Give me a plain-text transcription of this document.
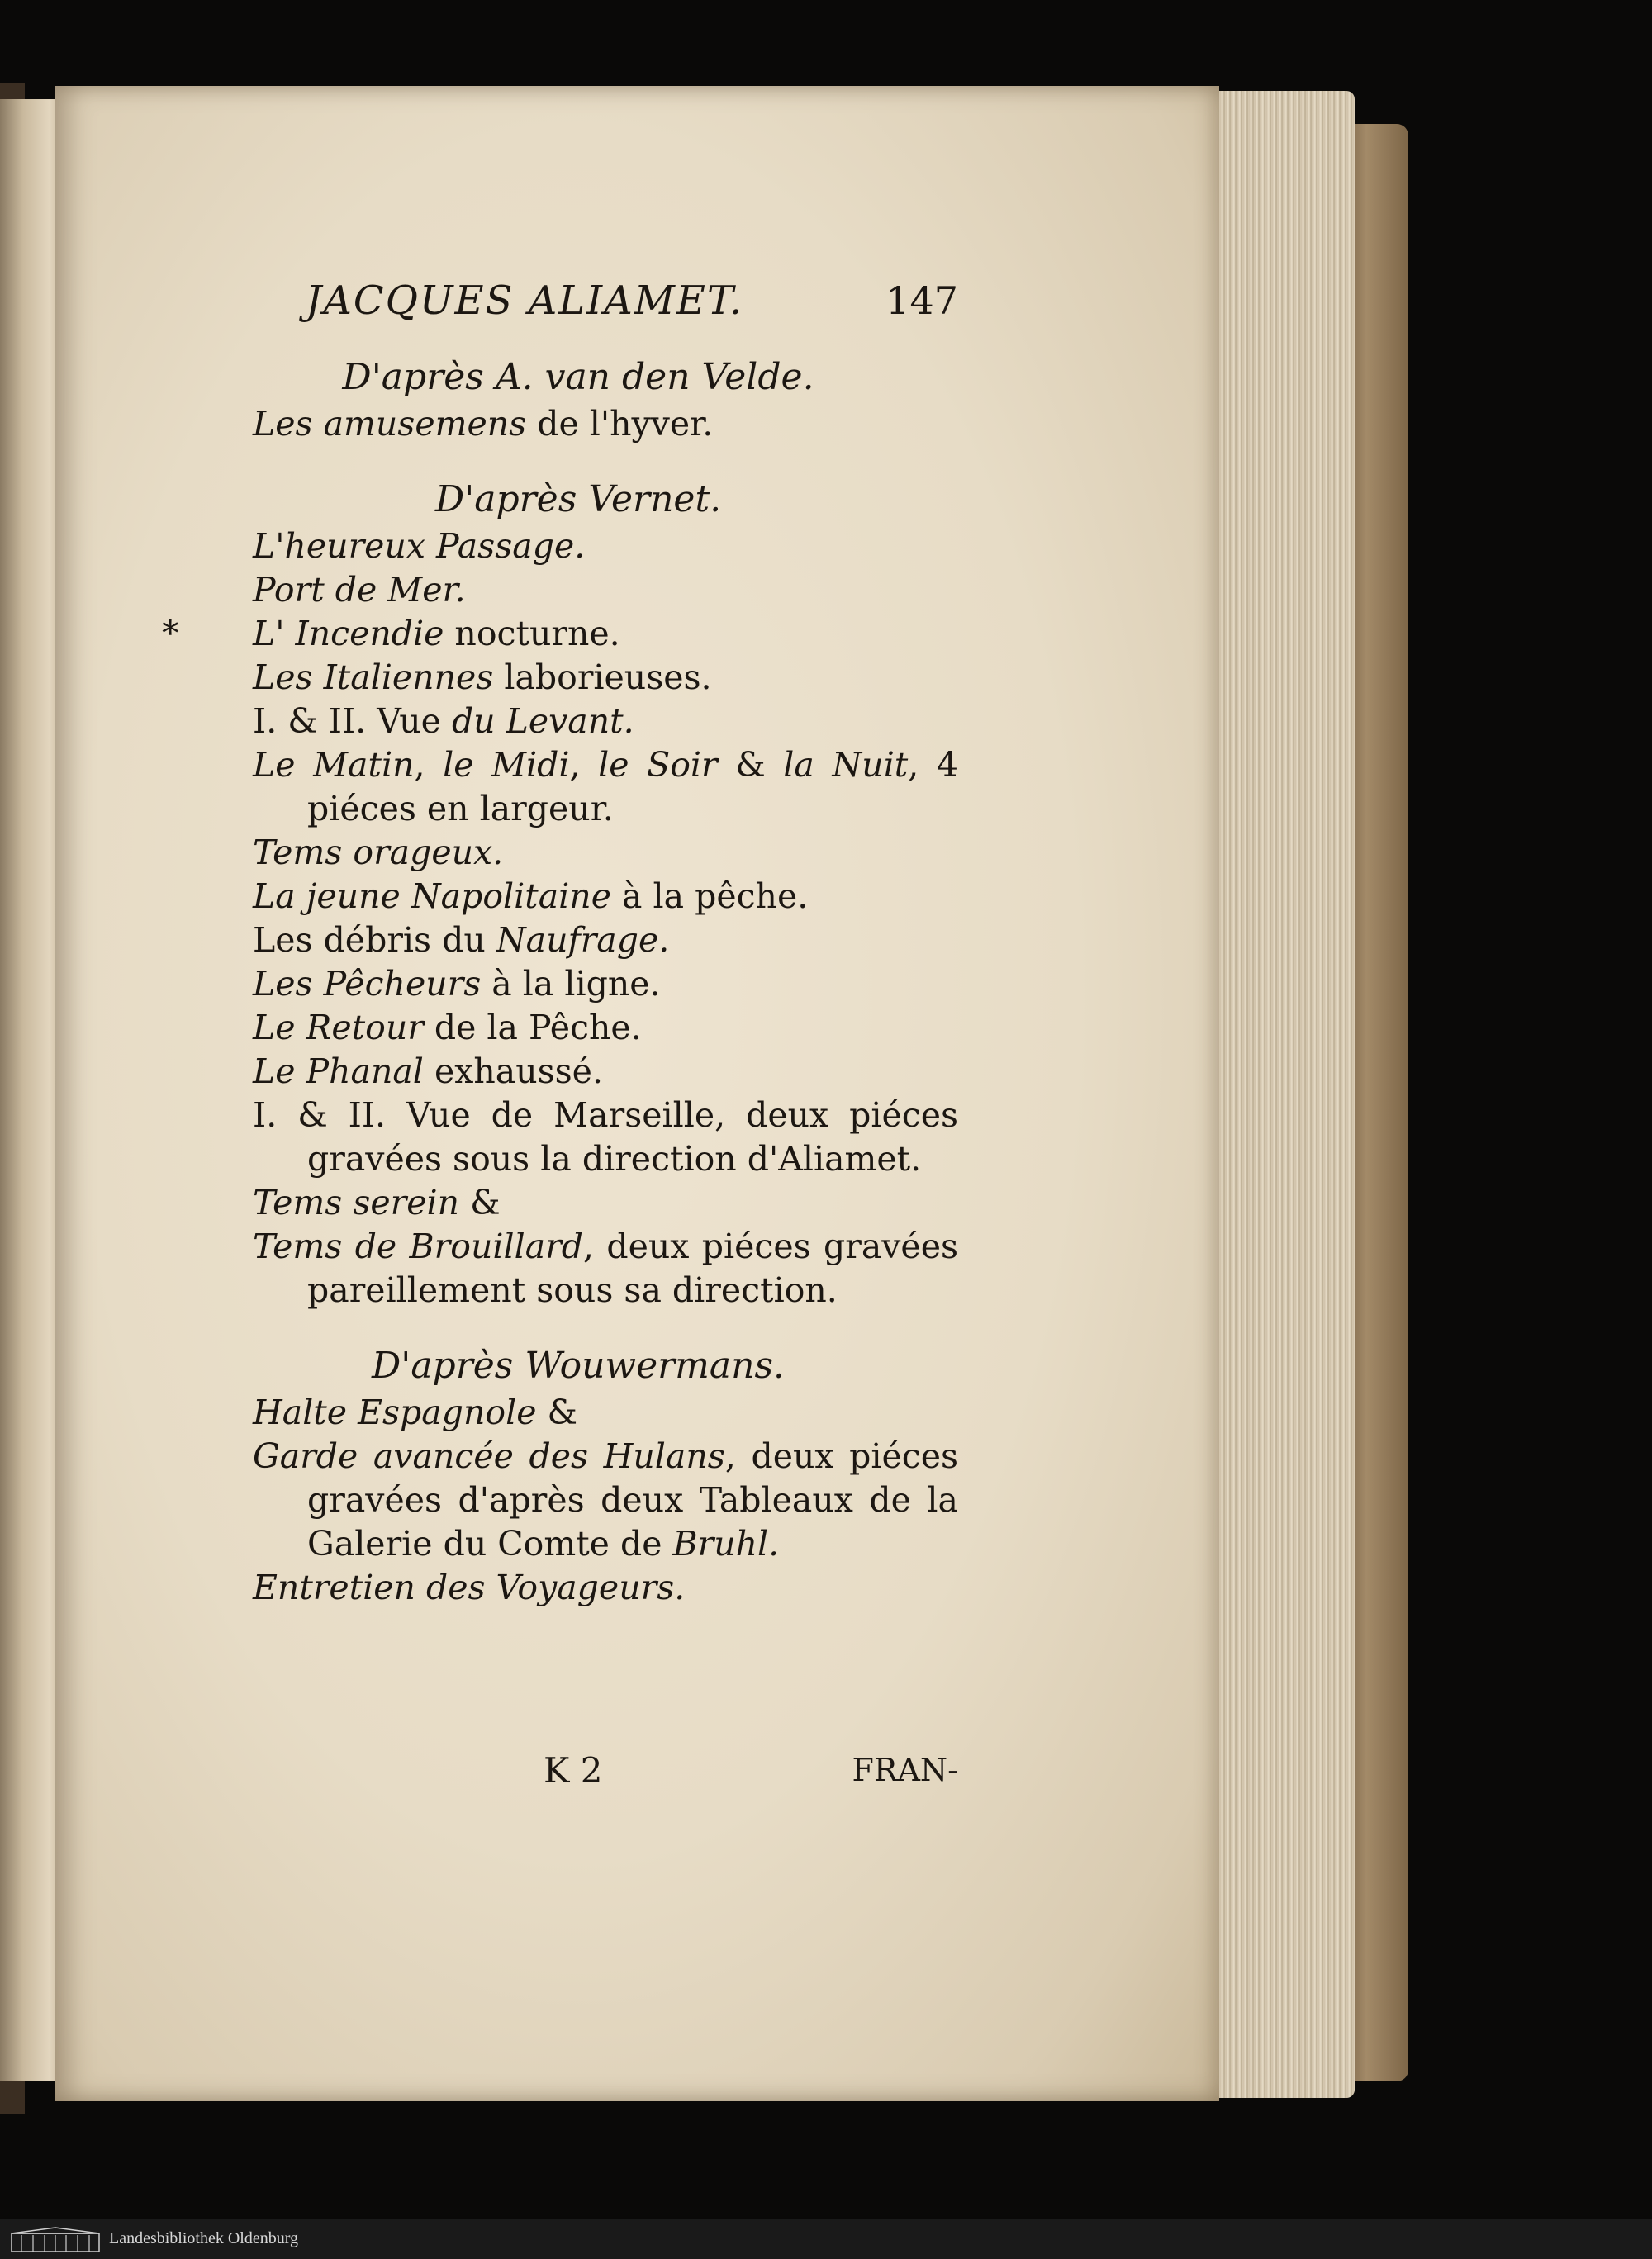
JACQUES ALIAMET.	147
D'après A. van den Velde.
Les amusemens de l'hyver.
D'après Vernet.
L'heureux Passage.
Port de Mer.
* L' Incendie nocturne.
Les Italiennes laborieuses.
I. & II. Vue du Levant.
Le Matin, le Midi, le Soir & la Nuit, 4 piéces en largeur.
Tems orageux.
La jeune Napolitaine à la pêche.
Les débris du Naufrage.
Les Pêcheurs à la ligne.
Le Retour de la Pêche.
Le Phanal exhaussé.
I. & II. Vue de Marseille, deux piéces gravées sous la direction d'Aliamet.
Tems serein &
Tems de Brouillard, deux piéces gravées pareillement sous sa direction.
D'après Wouwermans.
Halte Espagnole &
Garde avancée des Hulans, deux piéces gravées d'après deux Tableaux de la Galerie du Comte de Bruhl.
Entretien des Voyageurs.
K 2	FRAN-
Landesbibliothek Oldenburg
